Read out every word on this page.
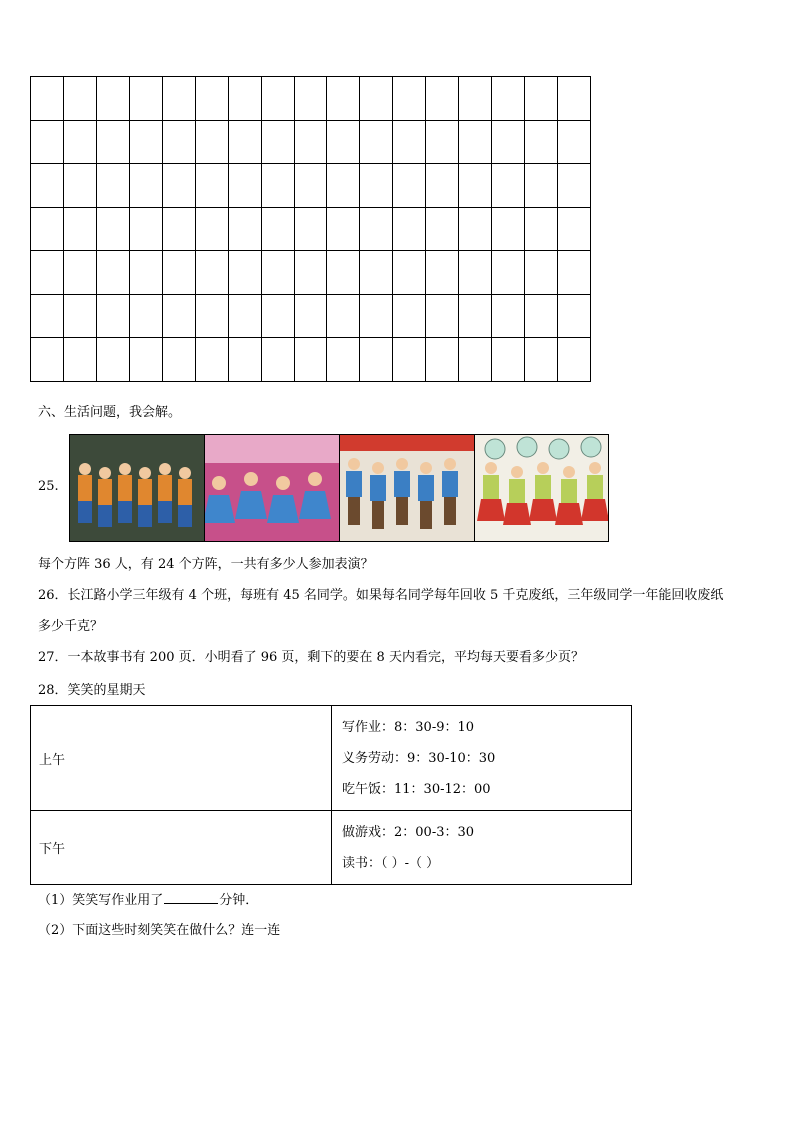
六、生活问题，我会解。
25.
每个方阵 36 人，有 24 个方阵，一共有多少人参加表演？
26．长江路小学三年级有 4 个班，每班有 45 名同学。如果每名同学每年回收 5 千克废纸，三年级同学一年能回收废纸
多少千克？
27．一本故事书有 200 页．小明看了 96 页，剩下的要在 8 天内看完，平均每天要看多少页？
28．笑笑的星期天
上午	写作业：8：30-9：10
义务劳动：9：30-10：30
吃午饭：11：30-12：00

下午	做游戏：2：00-3：30
读书：（ ）-（ ）
（1）笑笑写作业用了	分钟．
（2）下面这些时刻笑笑在做什么？连一连
